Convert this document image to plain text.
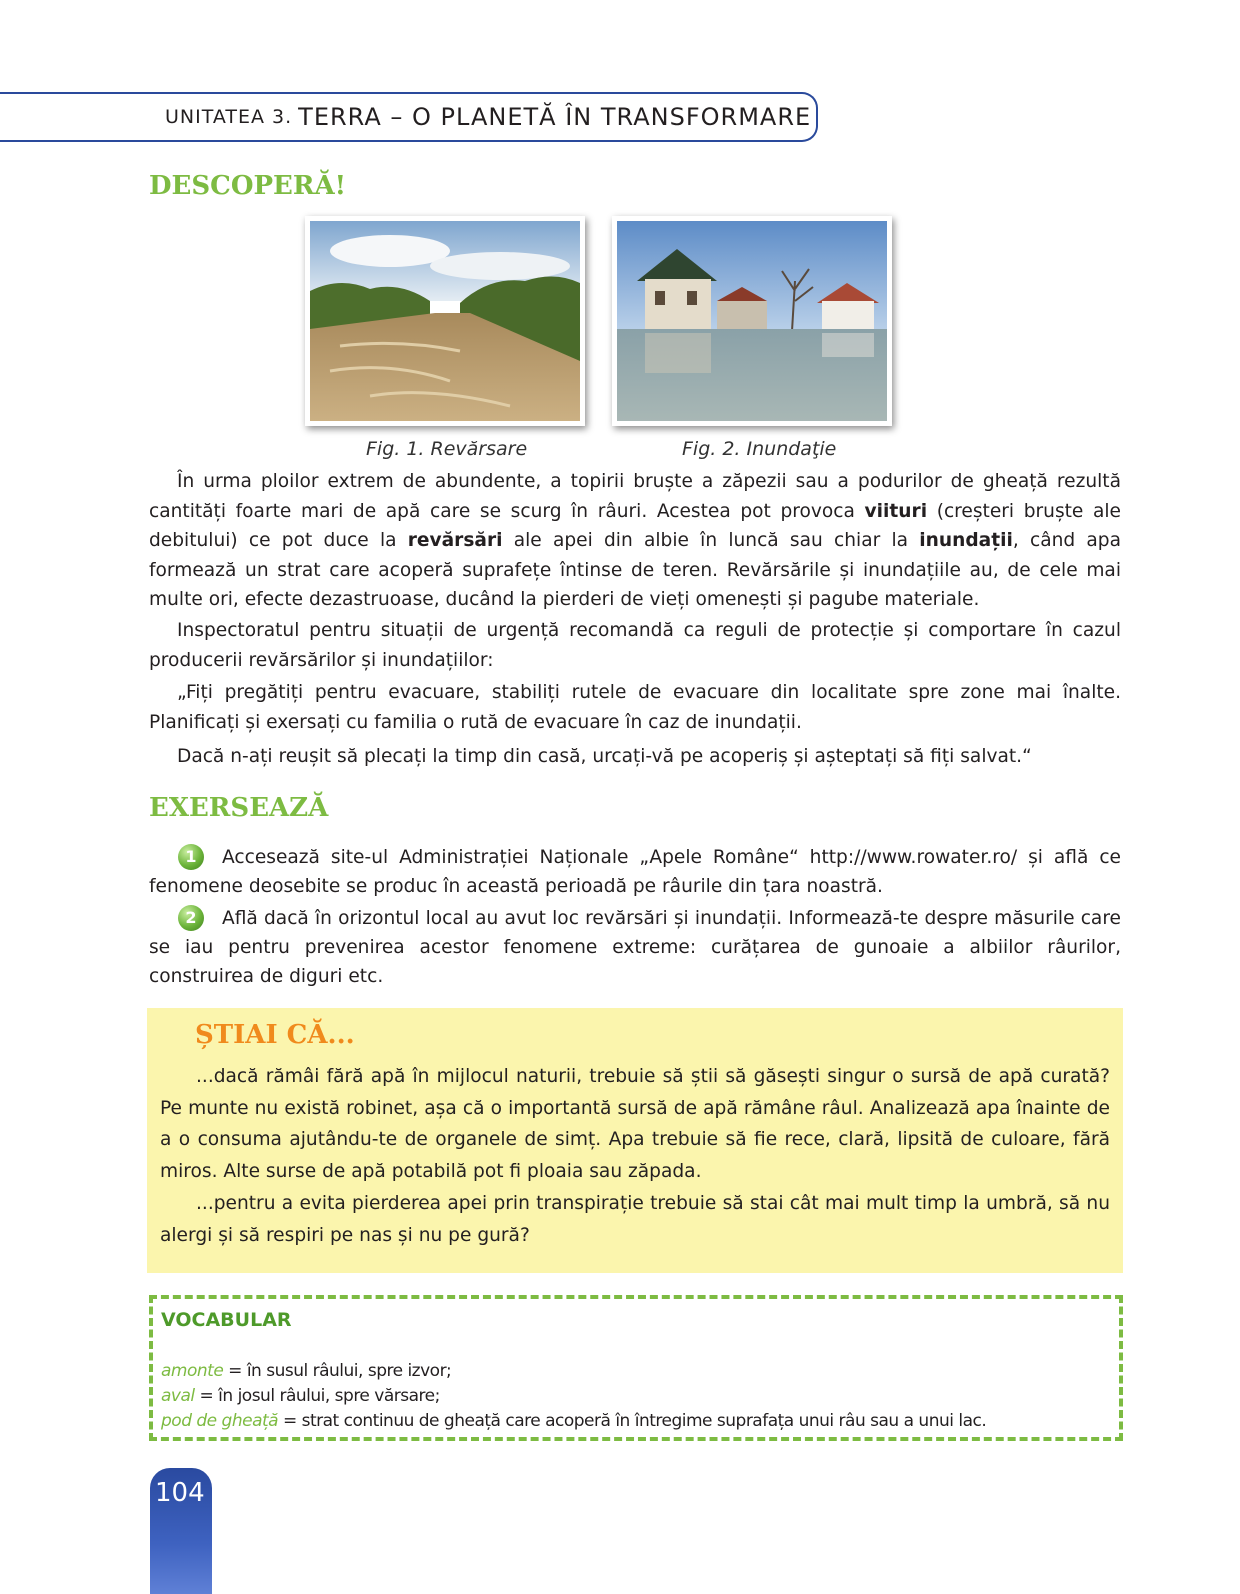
UNITATEA 3. TERRA – O PLANETĂ ÎN TRANSFORMARE
DESCOPERĂ!

Fig. 1. Revărsare	Fig. 2. Inundaţie

În urma ploilor extrem de abundente, a topirii bruște a zăpezii sau a podurilor de gheață rezultă cantități foarte mari de apă care se scurg în râuri. Acestea pot provoca viituri (creșteri bruște ale debitului) ce pot duce la revărsări ale apei din albie în luncă sau chiar la inundații, când apa formează un strat care acoperă suprafețe întinse de teren. Revărsările și inundațiile au, de cele mai multe ori, efecte dezastruoase, ducând la pierderi de vieți omenești și pagube materiale.

Inspectoratul pentru situații de urgență recomandă ca reguli de protecție și comportare în cazul producerii revărsărilor și inundațiilor:

„Fiți pregătiți pentru evacuare, stabiliți rutele de evacuare din localitate spre zone mai înalte. Planificați și exersați cu familia o rută de evacuare în caz de inundații.

Dacă n-ați reușit să plecați la timp din casă, urcați-vă pe acoperiș și așteptați să fiți salvat.“

EXERSEAZĂ

1 Accesează site-ul Administrației Naționale „Apele Române“ http://www.rowater.ro/ și află ce fenomene deosebite se produc în această perioadă pe râurile din țara noastră.

2 Află dacă în orizontul local au avut loc revărsări și inundații. Informează-te despre măsurile care se iau pentru prevenirea acestor fenomene extreme: curățarea de gunoaie a albiilor râurilor, construirea de diguri etc.

ȘTIAI CĂ...

...dacă rămâi fără apă în mijlocul naturii, trebuie să știi să găsești singur o sursă de apă curată? Pe munte nu există robinet, așa că o importantă sursă de apă rămâne râul. Analizează apa înainte de a o consuma ajutându-te de organele de simț. Apa trebuie să fie rece, clară, lipsită de culoare, fără miros. Alte surse de apă potabilă pot fi ploaia sau zăpada.

...pentru a evita pierderea apei prin transpirație trebuie să stai cât mai mult timp la umbră, să nu alergi și să respiri pe nas și nu pe gură?

VOCABULAR
amonte = în susul râului, spre izvor;
aval = în josul râului, spre vărsare;
pod de gheață = strat continuu de gheață care acoperă în întregime suprafața unui râu sau a unui lac.
104
